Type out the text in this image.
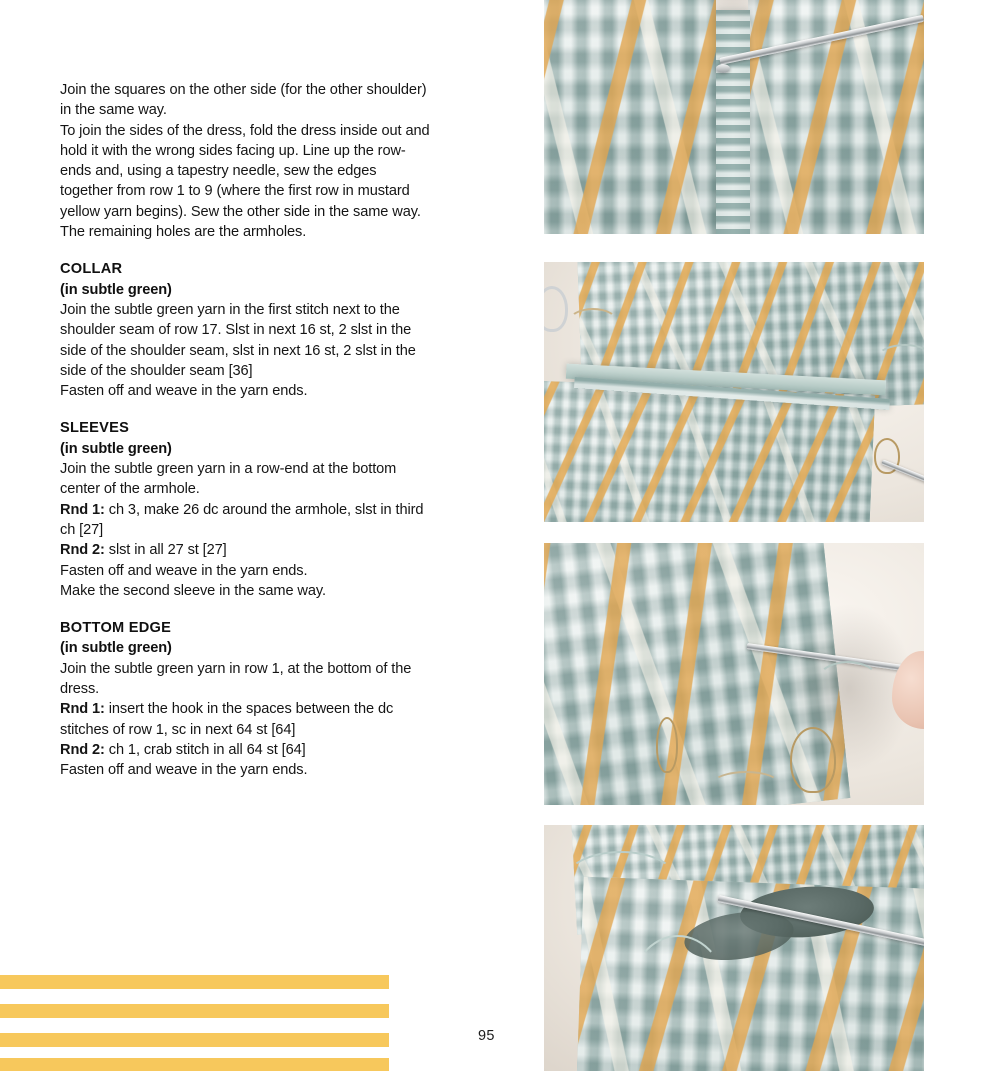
Join the squares on the other side (for the other shoulder) in the same way.

To join the sides of the dress, fold the dress inside out and hold it with the wrong sides facing up. Line up the row-ends and, using a tapestry needle, sew the edges together from row 1 to 9 (where the first row in mustard yellow yarn begins). Sew the other side in the same way. The remaining holes are the armholes.

COLLAR

(in subtle green)

Join the subtle green yarn in the first stitch next to the shoulder seam of row 17. Slst in next 16 st, 2 slst in the side of the shoulder seam, slst in next 16 st, 2 slst in the side of the shoulder seam [36]

Fasten off and weave in the yarn ends.

SLEEVES

(in subtle green)

Join the subtle green yarn in a row-end at the bottom center of the armhole.

Rnd 1: ch 3, make 26 dc around the armhole, slst in third ch [27]

Rnd 2: slst in all 27 st [27]

Fasten off and weave in the yarn ends.

Make the second sleeve in the same way.

BOTTOM EDGE

(in subtle green)

Join the subtle green yarn in row 1, at the bottom of the dress.

Rnd 1: insert the hook in the spaces between the dc stitches of row 1, sc in next 64 st [64]

Rnd 2: ch 1, crab stitch in all 64 st [64]

Fasten off and weave in the yarn ends.

95
